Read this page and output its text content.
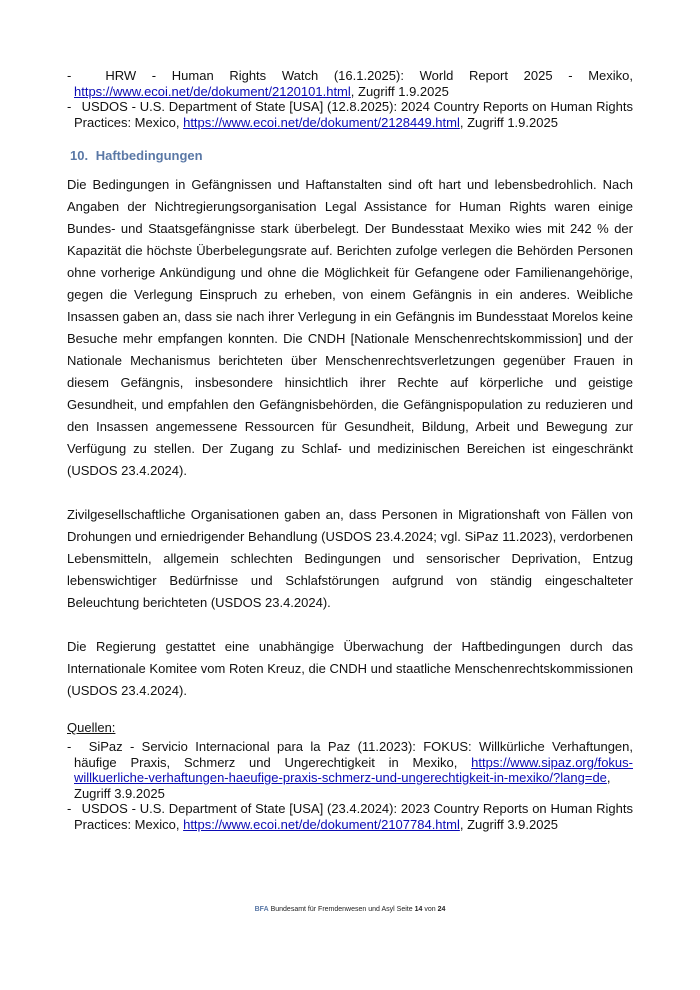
-	HRW - Human Rights Watch (16.1.2025): World Report 2025 - Mexiko, https://www.ecoi.net/de/dokument/2120101.html, Zugriff 1.9.2025
- USDOS - U.S. Department of State [USA] (12.8.2025): 2024 Country Reports on Human Rights Practices: Mexico, https://www.ecoi.net/de/dokument/2128449.html, Zugriff 1.9.2025
10. Haftbedingungen
Die Bedingungen in Gefängnissen und Haftanstalten sind oft hart und lebensbedrohlich. Nach Angaben der Nichtregierungsorganisation Legal Assistance for Human Rights waren einige Bundes- und Staatsgefängnisse stark überbelegt. Der Bundesstaat Mexiko wies mit 242 % der Kapazität die höchste Überbelegungsrate auf. Berichten zufolge verlegen die Behörden Personen ohne vorherige Ankündigung und ohne die Möglichkeit für Gefangene oder Familienangehörige, gegen die Verlegung Einspruch zu erheben, von einem Gefängnis in ein anderes. Weibliche Insassen gaben an, dass sie nach ihrer Verlegung in ein Gefängnis im Bundesstaat Morelos keine Besuche mehr empfangen konnten. Die CNDH [Nationale Menschenrechtskommission] und der Nationale Mechanismus berichteten über Menschenrechtsverletzungen gegenüber Frauen in diesem Gefängnis, insbesondere hinsichtlich ihrer Rechte auf körperliche und geistige Gesundheit, und empfahlen den Gefängnisbehörden, die Gefängnispopulation zu reduzieren und den Insassen angemessene Ressourcen für Gesundheit, Bildung, Arbeit und Bewegung zur Verfügung zu stellen. Der Zugang zu Schlaf- und medizinischen Bereichen ist eingeschränkt (USDOS 23.4.2024).
Zivilgesellschaftliche Organisationen gaben an, dass Personen in Migrationshaft von Fällen von Drohungen und erniedrigender Behandlung (USDOS 23.4.2024; vgl. SiPaz 11.2023), verdorbenen Lebensmitteln, allgemein schlechten Bedingungen und sensorischer Deprivation, Entzug lebenswichtiger Bedürfnisse und Schlafstörungen aufgrund von ständig eingeschalteter Beleuchtung berichteten (USDOS 23.4.2024).
Die Regierung gestattet eine unabhängige Überwachung der Haftbedingungen durch das Internationale Komitee vom Roten Kreuz, die CNDH und staatliche Menschenrechtskommissionen (USDOS 23.4.2024).
Quellen:
-	SiPaz - Servicio Internacional para la Paz (11.2023): FOKUS: Willkürliche Verhaftungen, häufige Praxis, Schmerz und Ungerechtigkeit in Mexiko, https://www.sipaz.org/fokus-willkuerliche-verhaftungen-haeufige-praxis-schmerz-und-ungerechtigkeit-in-mexiko/?lang=de, Zugriff 3.9.2025
- USDOS - U.S. Department of State [USA] (23.4.2024): 2023 Country Reports on Human Rights Practices: Mexico, https://www.ecoi.net/de/dokument/2107784.html, Zugriff 3.9.2025
BFA Bundesamt für Fremdenwesen und Asyl Seite 14 von 24
